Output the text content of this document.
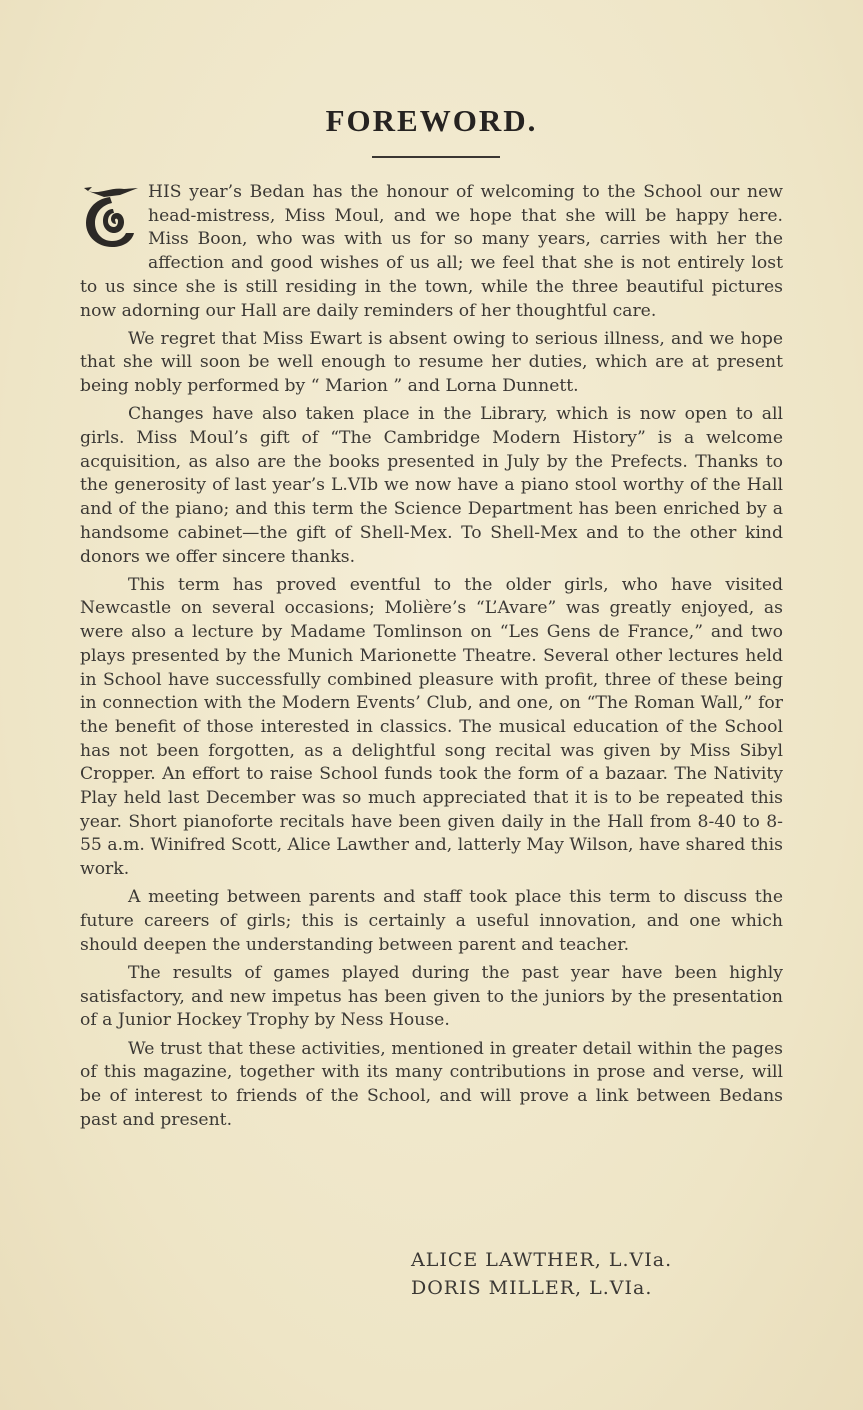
FOREWORD.

HIS year’s Bedan has the honour of welcoming to the School our new head-mistress, Miss Moul, and we hope that she will be happy here. Miss Boon, who was with us for so many years, carries with her the affection and good wishes of us all; we feel that she is not entirely lost to us since she is still residing in the town, while the three beautiful pictures now adorning our Hall are daily reminders of her thoughtful care.

We regret that Miss Ewart is absent owing to serious illness, and we hope that she will soon be well enough to resume her duties, which are at present being nobly performed by “ Marion ” and Lorna Dunnett.

Changes have also taken place in the Library, which is now open to all girls. Miss Moul’s gift of “The Cambridge Modern History” is a welcome acquisition, as also are the books presented in July by the Prefects. Thanks to the generosity of last year’s L.VIb we now have a piano stool worthy of the Hall and of the piano; and this term the Science Department has been enriched by a handsome cabinet—the gift of Shell-Mex. To Shell-Mex and to the other kind donors we offer sincere thanks.

This term has proved eventful to the older girls, who have visited Newcastle on several occasions; Molière’s “L’Avare” was greatly enjoyed, as were also a lecture by Madame Tomlinson on “Les Gens de France,” and two plays presented by the Munich Marionette Theatre. Several other lectures held in School have successfully combined pleasure with profit, three of these being in connection with the Modern Events’ Club, and one, on “The Roman Wall,” for the benefit of those interested in classics. The musical education of the School has not been forgotten, as a delightful song recital was given by Miss Sibyl Cropper. An effort to raise School funds took the form of a bazaar. The Nativity Play held last December was so much appreciated that it is to be repeated this year. Short pianoforte recitals have been given daily in the Hall from 8-40 to 8-55 a.m. Winifred Scott, Alice Lawther and, latterly May Wilson, have shared this work.

A meeting between parents and staff took place this term to discuss the future careers of girls; this is certainly a useful innovation, and one which should deepen the understanding between parent and teacher.

The results of games played during the past year have been highly satisfactory, and new impetus has been given to the juniors by the presentation of a Junior Hockey Trophy by Ness House.

We trust that these activities, mentioned in greater detail within the pages of this magazine, together with its many contributions in prose and verse, will be of interest to friends of the School, and will prove a link between Bedans past and present.

ALICE LAWTHER, L.VIa.
DORIS MILLER, L.VIa.
